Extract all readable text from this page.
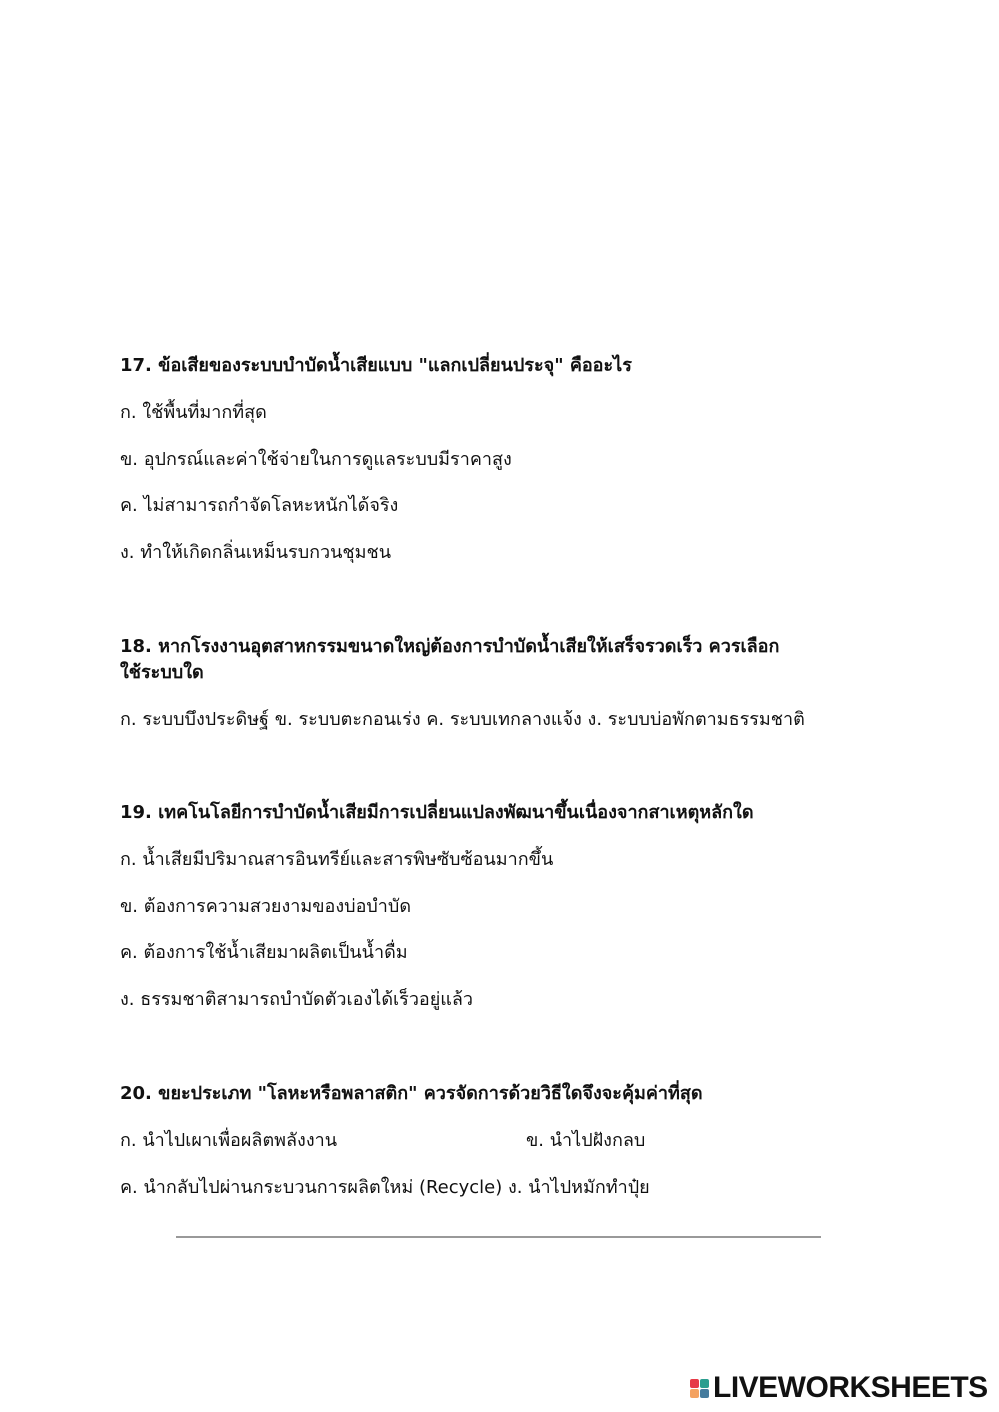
17. ข้อเสียของระบบบำบัดน้ำเสียแบบ "แลกเปลี่ยนประจุ" คืออะไร
ก. ใช้พื้นที่มากที่สุด
ข. อุปกรณ์และค่าใช้จ่ายในการดูแลระบบมีราคาสูง
ค. ไม่สามารถกำจัดโลหะหนักได้จริง
ง. ทำให้เกิดกลิ่นเหม็นรบกวนชุมชน
18. หากโรงงานอุตสาหกรรมขนาดใหญ่ต้องการบำบัดน้ำเสียให้เสร็จรวดเร็ว ควรเลือก
ใช้ระบบใด
ก. ระบบบึงประดิษฐ์ ข. ระบบตะกอนเร่ง ค. ระบบเทกลางแจ้ง ง. ระบบบ่อพักตามธรรมชาติ
19. เทคโนโลยีการบำบัดน้ำเสียมีการเปลี่ยนแปลงพัฒนาขึ้นเนื่องจากสาเหตุหลักใด
ก. น้ำเสียมีปริมาณสารอินทรีย์และสารพิษซับซ้อนมากขึ้น
ข. ต้องการความสวยงามของบ่อบำบัด
ค. ต้องการใช้น้ำเสียมาผลิตเป็นน้ำดื่ม
ง. ธรรมชาติสามารถบำบัดตัวเองได้เร็วอยู่แล้ว
20. ขยะประเภท "โลหะหรือพลาสติก" ควรจัดการด้วยวิธีใดจึงจะคุ้มค่าที่สุด
ก. นำไปเผาเพื่อผลิตพลังงาน	ข. นำไปฝังกลบ
ค. นำกลับไปผ่านกระบวนการผลิตใหม่ (Recycle) ง. นำไปหมักทำปุ๋ย
LIVEWORKSHEETS
